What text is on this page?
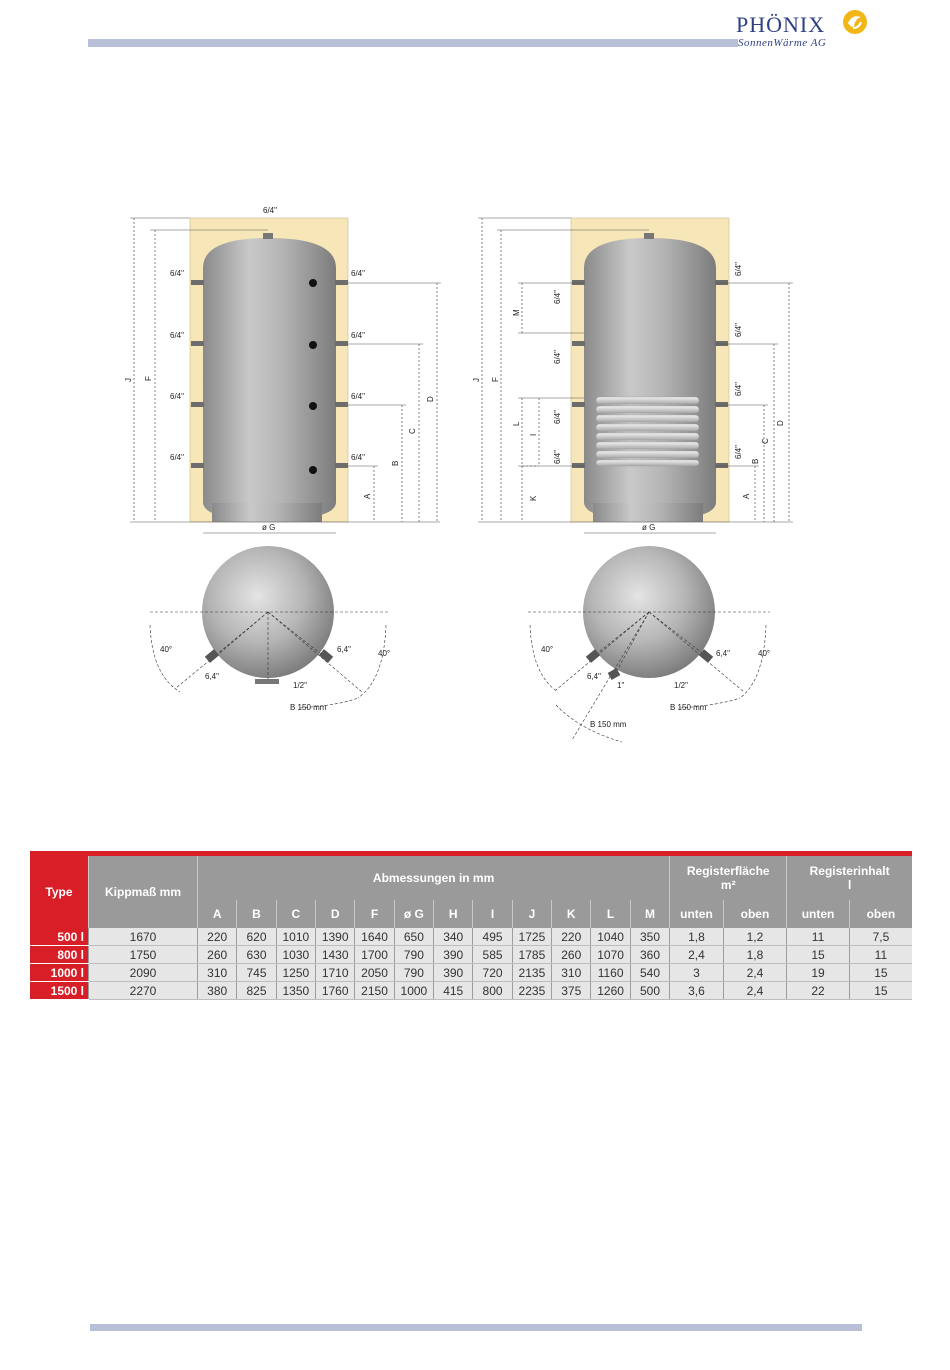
PHÖNIX
SonnenWärme AG
6/4"
6/4"
6/4"
6/4"
6/4"
6/4"
6/4"
6/4"
6/4"
J F
A
B
C
D
ø G
40°	40°
6,4"
6,4"
1/2"
B 150 mm
J F
M
L
I
K
6/4"
6/4"
6/4"
6/4"
6/4"
6/4"
6/4"
6/4"
A
B
C
D
ø G
40°	40°
6,4"
1"
6,4"
1/2"
B 150 mm
B 150 mm
Type	Kippmaß mm	Abmessungen in mm												Registerfläche
m²		Registerinhalt
l	
		A	B	C	D	F	ø G	H	I	J	K	L	M	unten	oben	unten	oben
500 l	1670	220	620	1010	1390	1640	650	340	495	1725	220	1040	350	1,8	1,2	11	7,5
800 l	1750	260	630	1030	1430	1700	790	390	585	1785	260	1070	360	2,4	1,8	15	11
1000 l	2090	310	745	1250	1710	2050	790	390	720	2135	310	1160	540	3	2,4	19	15
1500 l	2270	380	825	1350	1760	2150	1000	415	800	2235	375	1260	500	3,6	2,4	22	15
